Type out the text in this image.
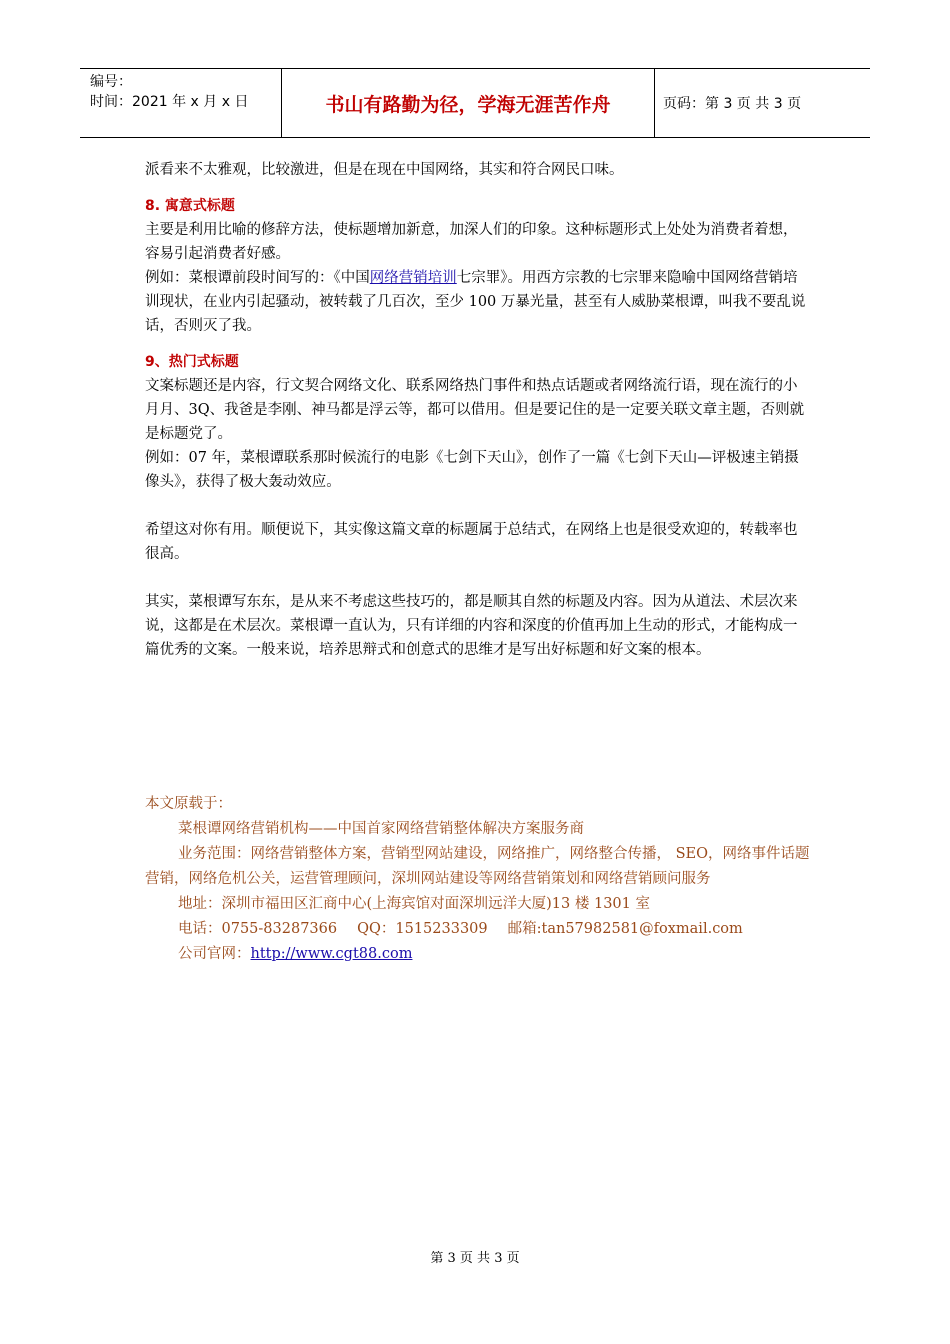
编号：
时间：2021 年 x 月 x 日	书山有路勤为径，学海无涯苦作舟	页码：第 3 页 共 3 页

派看来不太雅观，比较激进，但是在现在中国网络，其实和符合网民口味。

8. 寓意式标题

主要是利用比喻的修辞方法，使标题增加新意，加深人们的印象。这种标题形式上处处为消费者着想，容易引起消费者好感。

例如：菜根谭前段时间写的：《中国网络营销培训七宗罪》。用西方宗教的七宗罪来隐喻中国网络营销培训现状，在业内引起骚动，被转载了几百次，至少 100 万暴光量，甚至有人威胁菜根谭，叫我不要乱说话，否则灭了我。

9、热门式标题

文案标题还是内容，行文契合网络文化、联系网络热门事件和热点话题或者网络流行语，现在流行的小月月、3Q、我爸是李刚、神马都是浮云等，都可以借用。但是要记住的是一定要关联文章主题，否则就是标题党了。

例如：07 年，菜根谭联系那时候流行的电影《七剑下天山》，创作了一篇《七剑下天山—评极速主销摄像头》，获得了极大轰动效应。

希望这对你有用。顺便说下，其实像这篇文章的标题属于总结式，在网络上也是很受欢迎的，转载率也很高。

其实，菜根谭写东东，是从来不考虑这些技巧的，都是顺其自然的标题及内容。因为从道法、术层次来说，这都是在术层次。菜根谭一直认为，只有详细的内容和深度的价值再加上生动的形式，才能构成一篇优秀的文案。一般来说，培养思辩式和创意式的思维才是写出好标题和好文案的根本。

本文原载于：

菜根谭网络营销机构——中国首家网络营销整体解决方案服务商

业务范围：网络营销整体方案，营销型网站建设，网络推广，网络整合传播， SEO，网络事件话题营销，网络危机公关，运营管理顾问，深圳网站建设等网络营销策划和网络营销顾问服务

地址：深圳市福田区汇商中心(上海宾馆对面深圳远洋大厦)13 楼 1301 室

电话：0755-83287366 QQ：1515233309 邮箱:tan57982581@foxmail.com

公司官网：http://www.cgt88.com

第 3 页 共 3 页
